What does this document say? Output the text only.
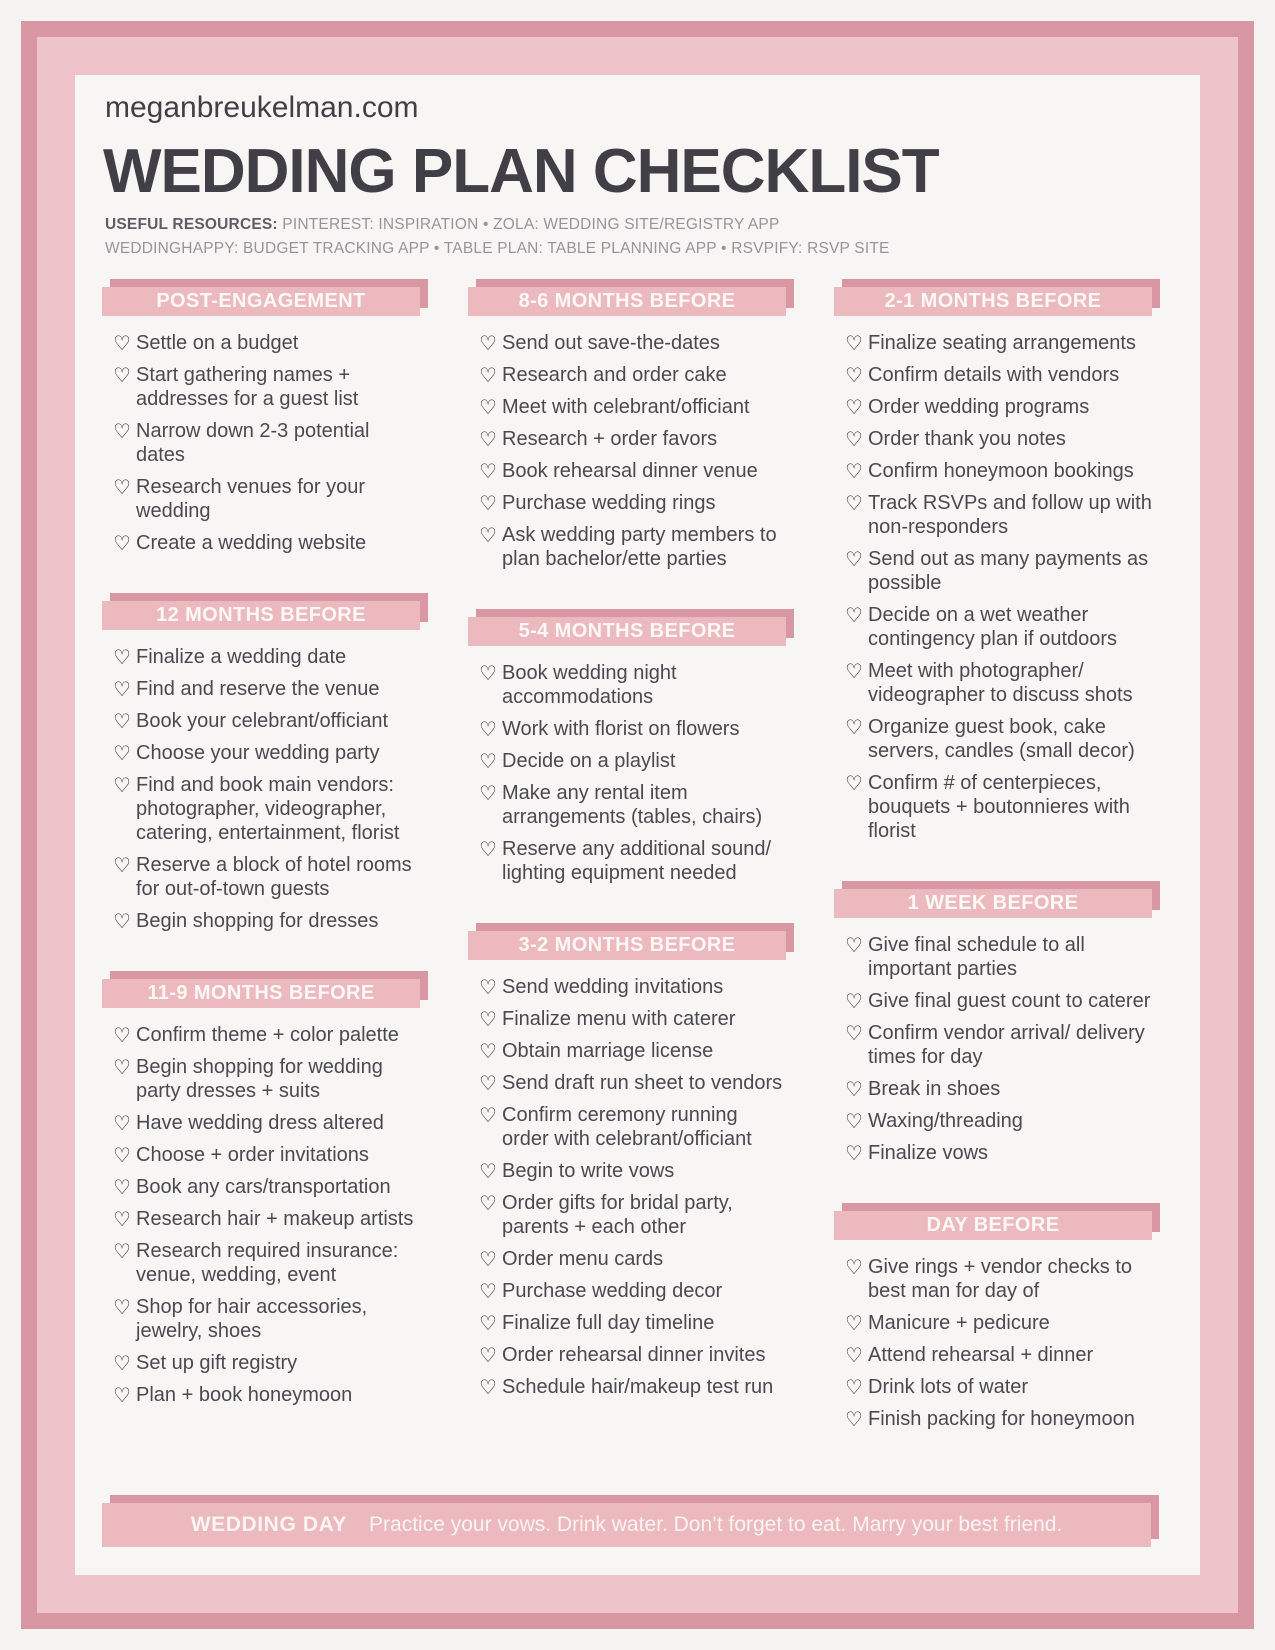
meganbreukelman.com
WEDDING PLAN CHECKLIST

USEFUL RESOURCES: PINTEREST: INSPIRATION • ZOLA: WEDDING SITE/REGISTRY APP

WEDDINGHAPPY: BUDGET TRACKING APP • TABLE PLAN: TABLE PLANNING APP • RSVPIFY: RSVP SITE

POST-ENGAGEMENT
♡ Settle on a budget
♡ Start gathering names + addresses for a guest list
♡ Narrow down 2-3 potential dates
♡ Research venues for your wedding
♡ Create a wedding website
12 MONTHS BEFORE
♡ Finalize a wedding date
♡ Find and reserve the venue
♡ Book your celebrant/officiant
♡ Choose your wedding party
♡ Find and book main vendors: photographer, videographer, catering, entertainment, florist
♡ Reserve a block of hotel rooms for out-of-town guests
♡ Begin shopping for dresses
11-9 MONTHS BEFORE
♡ Confirm theme + color palette
♡ Begin shopping for wedding party dresses + suits
♡ Have wedding dress altered
♡ Choose + order invitations
♡ Book any cars/transportation
♡ Research hair + makeup artists
♡ Research required insurance: venue, wedding, event
♡ Shop for hair accessories, jewelry, shoes
♡ Set up gift registry
♡ Plan + book honeymoon
8-6 MONTHS BEFORE
♡ Send out save-the-dates
♡ Research and order cake
♡ Meet with celebrant/officiant
♡ Research + order favors
♡ Book rehearsal dinner venue
♡ Purchase wedding rings
♡ Ask wedding party members to plan bachelor/ette parties
5-4 MONTHS BEFORE
♡ Book wedding night accommodations
♡ Work with florist on flowers
♡ Decide on a playlist
♡ Make any rental item arrangements (tables, chairs)
♡ Reserve any additional sound/ lighting equipment needed
3-2 MONTHS BEFORE
♡ Send wedding invitations
♡ Finalize menu with caterer
♡ Obtain marriage license
♡ Send draft run sheet to vendors
♡ Confirm ceremony running order with celebrant/officiant
♡ Begin to write vows
♡ Order gifts for bridal party, parents + each other
♡ Order menu cards
♡ Purchase wedding decor
♡ Finalize full day timeline
♡ Order rehearsal dinner invites
♡ Schedule hair/makeup test run
2-1 MONTHS BEFORE
♡ Finalize seating arrangements
♡ Confirm details with vendors
♡ Order wedding programs
♡ Order thank you notes
♡ Confirm honeymoon bookings
♡ Track RSVPs and follow up with non-responders
♡ Send out as many payments as possible
♡ Decide on a wet weather contingency plan if outdoors
♡ Meet with photographer/ videographer to discuss shots
♡ Organize guest book, cake servers, candles (small decor)
♡ Confirm # of centerpieces, bouquets + boutonnieres with florist
1 WEEK BEFORE
♡ Give final schedule to all important parties
♡ Give final guest count to caterer
♡ Confirm vendor arrival/ delivery times for day
♡ Break in shoes
♡ Waxing/threading
♡ Finalize vows
DAY BEFORE
♡ Give rings + vendor checks to best man for day of
♡ Manicure + pedicure
♡ Attend rehearsal + dinner
♡ Drink lots of water
♡ Finish packing for honeymoon
WEDDING DAY Practice your vows. Drink water. Don’t forget to eat. Marry your best friend.
